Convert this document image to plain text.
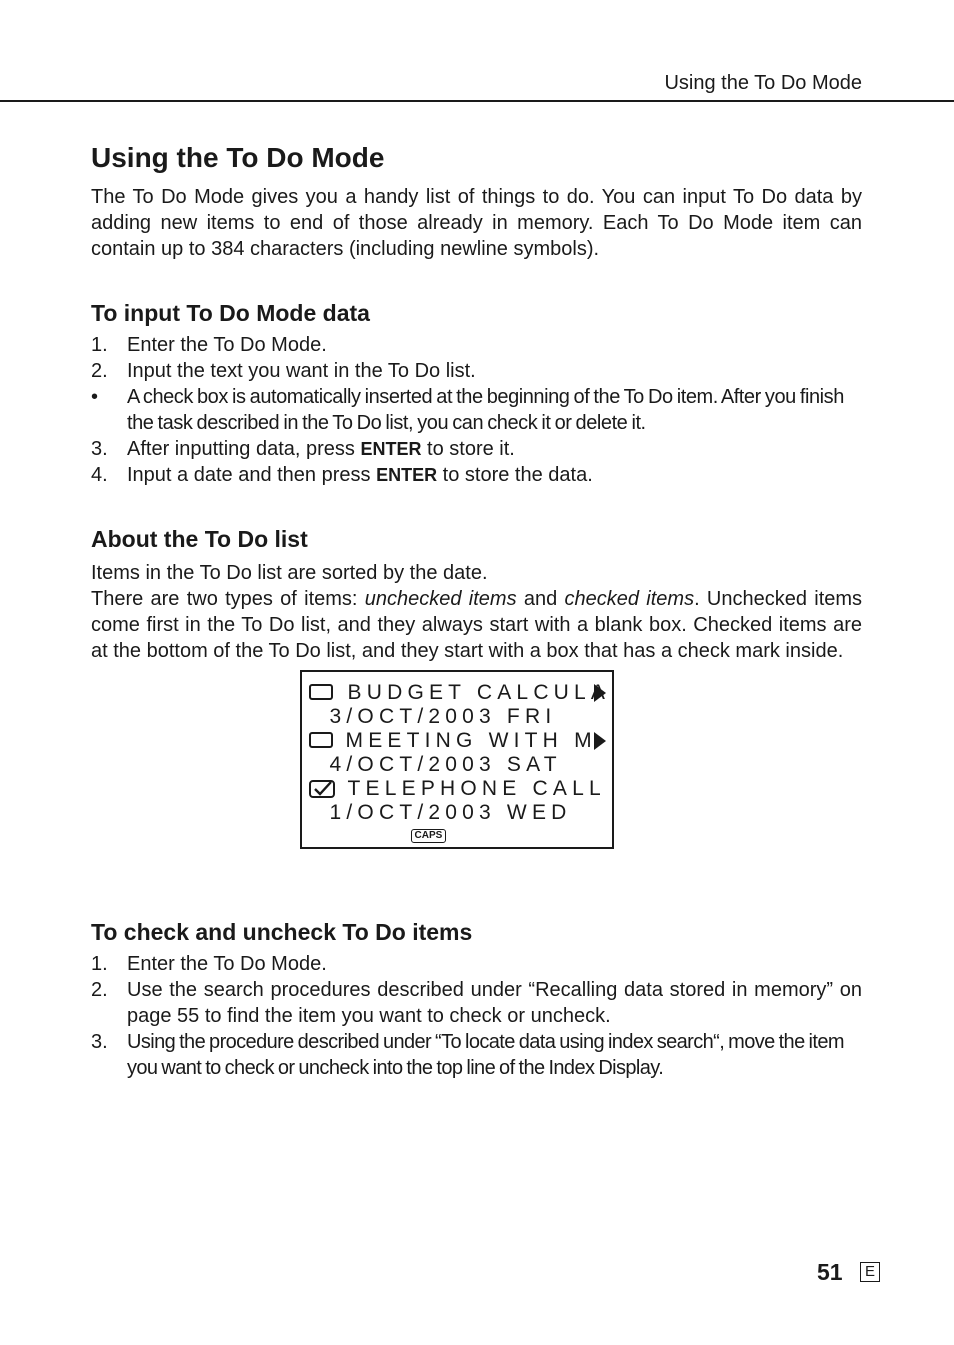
Using the To Do Mode
Using the To Do Mode

The To Do Mode gives you a handy list of things to do. You can input To Do data by adding new items to end of those already in memory. Each To Do Mode item can contain up to 384 characters (including newline symbols).

To input To Do Mode data
1. Enter the To Do Mode.
2. Input the text you want in the To Do list.
•	A check box is automatically inserted at the beginning of the To Do item. After you finish the task described in the To Do list, you can check it or delete it.
3. After inputting data, press ENTER to store it.
4. Input a date and then press ENTER to store the data.
About the To Do list

Items in the To Do list are sorted by the date.

There are two types of items: unchecked items and checked items. Unchecked items come first in the To Do list, and they always start with a blank box. Checked items are at the bottom of the To Do list, and they start with a box that has a check mark inside.

BUDGET CALCULA

3/OCT/2003 FRI

MEETING WITH M

4/OCT/2003 SAT

TELEPHONE CALL

1/OCT/2003 WED

CAPS
To check and uncheck To Do items
1. Enter the To Do Mode.
2. Use the search procedures described under “Recalling data stored in memory” on page 55 to find the item you want to check or uncheck.
3. Using the procedure described under “To locate data using index search“, move the item you want to check or uncheck into the top line of the Index Display.
51	E
